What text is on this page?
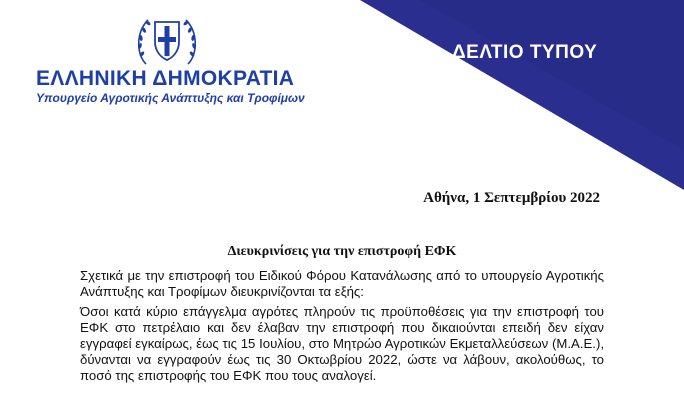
ΔΕΛΤΙΟ ΤΥΠΟΥ
ΕΛΛΗΝΙΚΗ ΔΗΜΟΚΡΑΤΙΑ
Υπουργείο Αγροτικής Ανάπτυξης και Τροφίμων
Αθήνα, 1 Σεπτεμβρίου 2022
Διευκρινίσεις για την επιστροφή ΕΦΚ
Σχετικά με την επιστροφή του Ειδικού Φόρου Κατανάλωσης από το υπουργείο Αγροτικής Ανάπτυξης και Τροφίμων διευκρινίζονται τα εξής:
Όσοι κατά κύριο επάγγελμα αγρότες πληρούν τις προϋποθέσεις για την επιστροφή του ΕΦΚ στο πετρέλαιο και δεν έλαβαν την επιστροφή που δικαιούνται επειδή δεν είχαν εγγραφεί εγκαίρως, έως τις 15 Ιουλίου, στο Μητρώο Αγροτικών Εκμεταλλεύσεων (Μ.Α.Ε.), δύνανται να εγγραφούν έως τις 30 Οκτωβρίου 2022, ώστε να λάβουν, ακολούθως, το ποσό της επιστροφής του ΕΦΚ που τους αναλογεί.
